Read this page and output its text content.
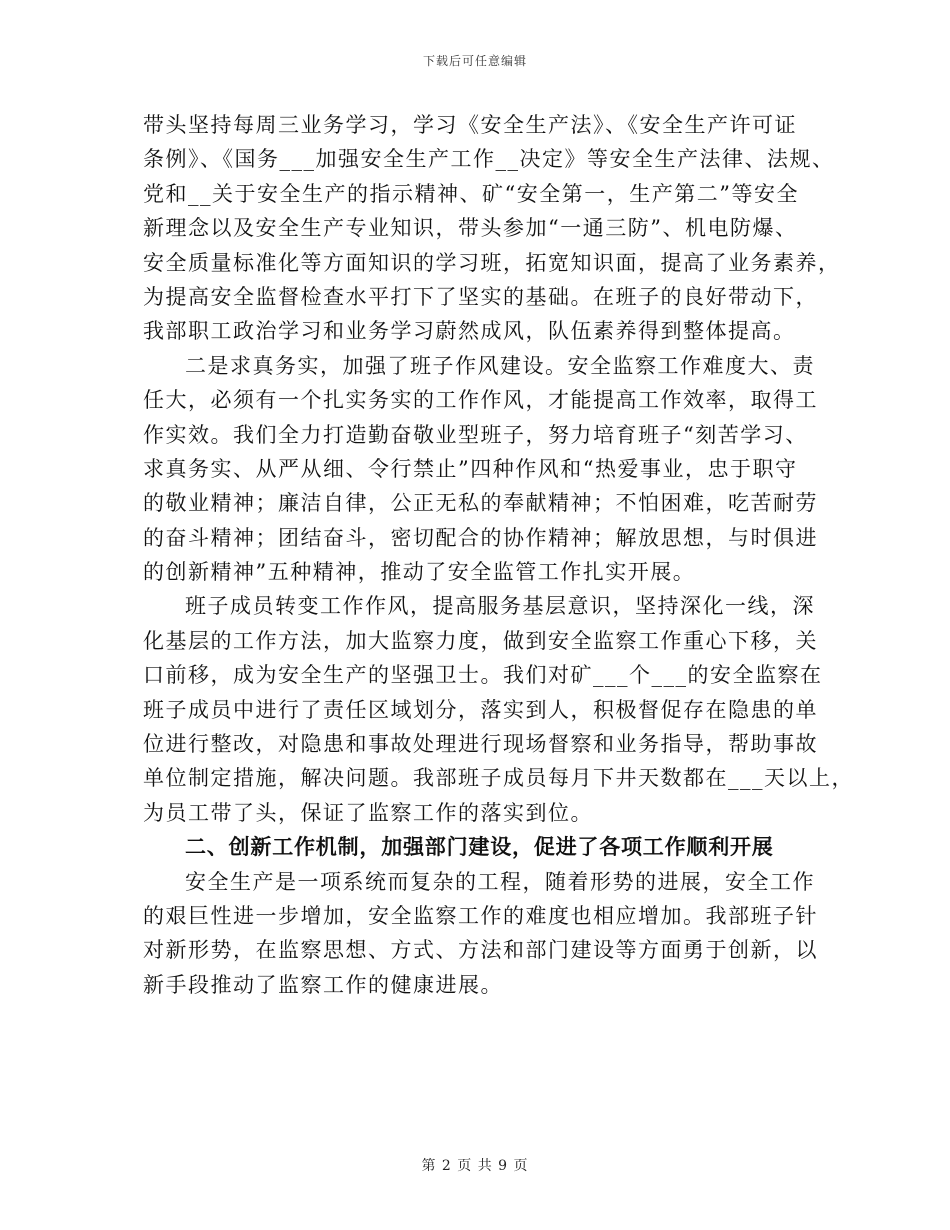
下载后可任意编辑
带头坚持每周三业务学习，学习《安全生产法》、《安全生产许可证
条例》、《国务___加强安全生产工作__决定》等安全生产法律、法规、
党和__关于安全生产的指示精神、矿“安全第一，生产第二”等安全
新理念以及安全生产专业知识，带头参加“一通三防”、机电防爆、
安全质量标准化等方面知识的学习班，拓宽知识面，提高了业务素养，
为提高安全监督检查水平打下了坚实的基础。在班子的良好带动下，
我部职工政治学习和业务学习蔚然成风，队伍素养得到整体提高。
二是求真务实，加强了班子作风建设。安全监察工作难度大、责
任大，必须有一个扎实务实的工作作风，才能提高工作效率，取得工
作实效。我们全力打造勤奋敬业型班子，努力培育班子“刻苦学习、
求真务实、从严从细、令行禁止”四种作风和“热爱事业，忠于职守
的敬业精神；廉洁自律，公正无私的奉献精神；不怕困难，吃苦耐劳
的奋斗精神；团结奋斗，密切配合的协作精神；解放思想，与时俱进
的创新精神”五种精神，推动了安全监管工作扎实开展。
班子成员转变工作作风，提高服务基层意识，坚持深化一线，深
化基层的工作方法，加大监察力度，做到安全监察工作重心下移，关
口前移，成为安全生产的坚强卫士。我们对矿___个___的安全监察在
班子成员中进行了责任区域划分，落实到人，积极督促存在隐患的单
位进行整改，对隐患和事故处理进行现场督察和业务指导，帮助事故
单位制定措施，解决问题。我部班子成员每月下井天数都在___天以上，
为员工带了头，保证了监察工作的落实到位。
二、创新工作机制，加强部门建设，促进了各项工作顺利开展
安全生产是一项系统而复杂的工程，随着形势的进展，安全工作
的艰巨性进一步增加，安全监察工作的难度也相应增加。我部班子针
对新形势，在监察思想、方式、方法和部门建设等方面勇于创新，以
新手段推动了监察工作的健康进展。
第 2 页 共 9 页
